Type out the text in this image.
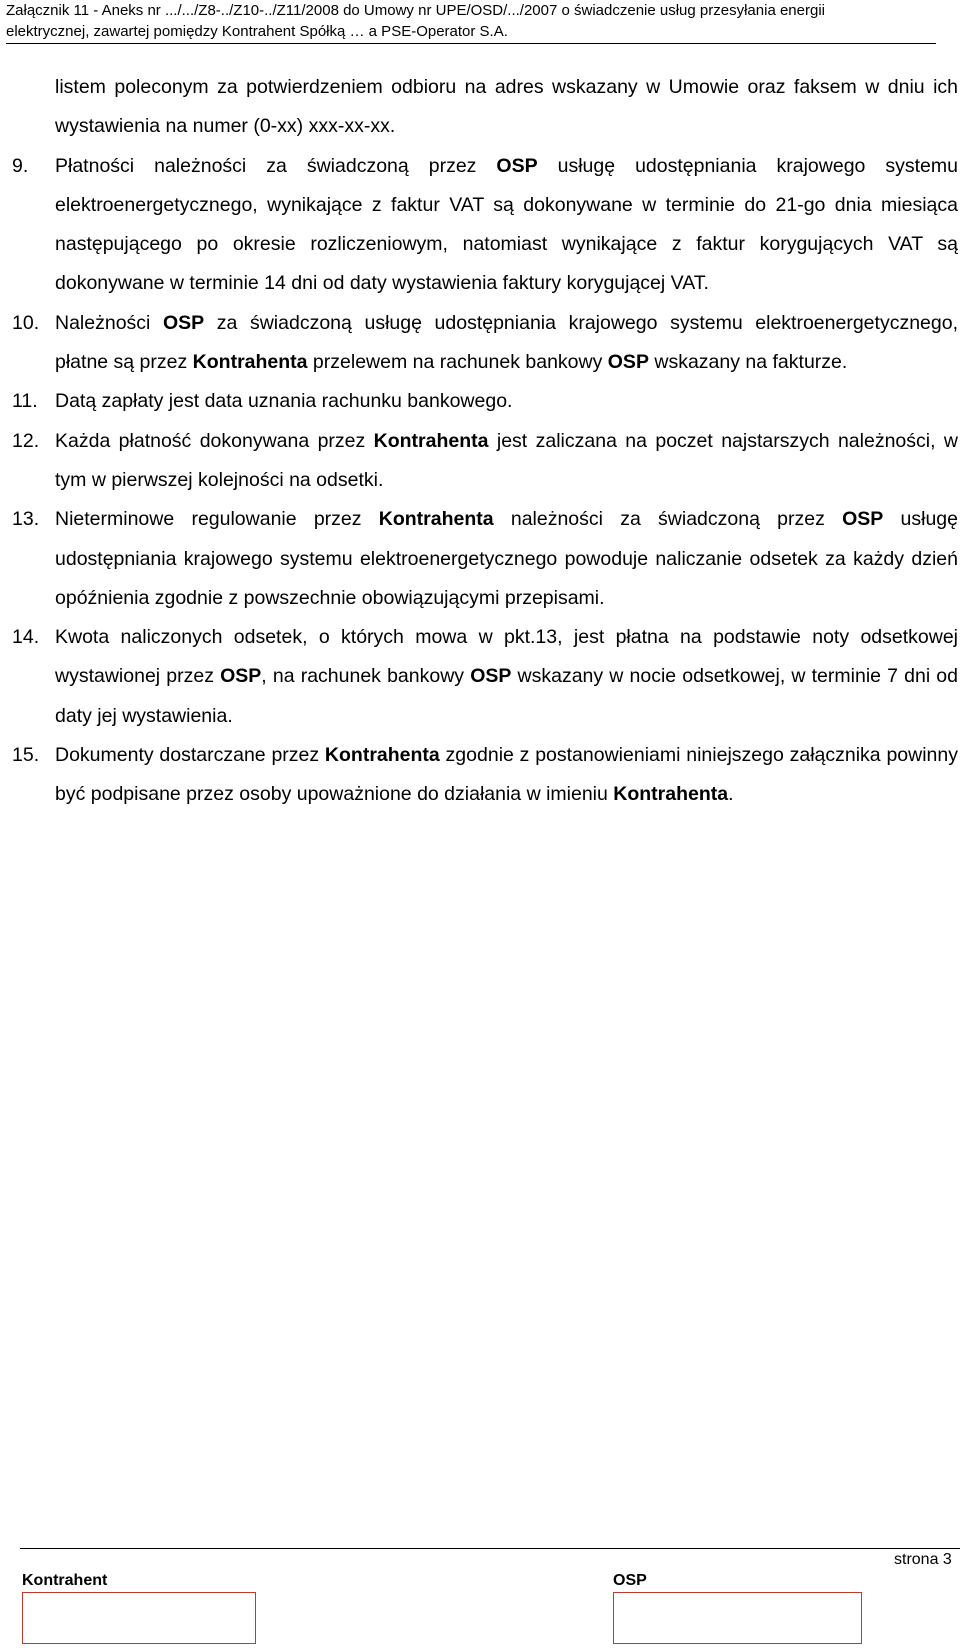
Załącznik 11 - Aneks nr .../.../Z8-../Z10-../Z11/2008 do Umowy nr UPE/OSD/.../2007 o świadczenie usług przesyłania energii
elektrycznej, zawartej pomiędzy Kontrahent Spółką … a PSE-Operator S.A.
listem poleconym za potwierdzeniem odbioru na adres wskazany w Umowie oraz faksem w dniu ich wystawienia na numer (0-xx) xxx-xx-xx.
9. Płatności należności za świadczoną przez OSP usługę udostępniania krajowego systemu elektroenergetycznego, wynikające z faktur VAT są dokonywane w terminie do 21-go dnia miesiąca następującego po okresie rozliczeniowym, natomiast wynikające z faktur korygujących VAT są dokonywane w terminie 14 dni od daty wystawienia faktury korygującej VAT.
10. Należności OSP za świadczoną usługę udostępniania krajowego systemu elektroenergetycznego, płatne są przez Kontrahenta przelewem na rachunek bankowy OSP wskazany na fakturze.
11. Datą zapłaty jest data uznania rachunku bankowego.
12. Każda płatność dokonywana przez Kontrahenta jest zaliczana na poczet najstarszych należności, w tym w pierwszej kolejności na odsetki.
13. Nieterminowe regulowanie przez Kontrahenta należności za świadczoną przez OSP usługę udostępniania krajowego systemu elektroenergetycznego powoduje naliczanie odsetek za każdy dzień opóźnienia zgodnie z powszechnie obowiązującymi przepisami.
14. Kwota naliczonych odsetek, o których mowa w pkt.13, jest płatna na podstawie noty odsetkowej wystawionej przez OSP, na rachunek bankowy OSP wskazany w nocie odsetkowej, w terminie 7 dni od daty jej wystawienia.
15. Dokumenty dostarczane przez Kontrahenta zgodnie z postanowieniami niniejszego załącznika powinny być podpisane przez osoby upoważnione do działania w imieniu Kontrahenta.
strona 3
Kontrahent	OSP
